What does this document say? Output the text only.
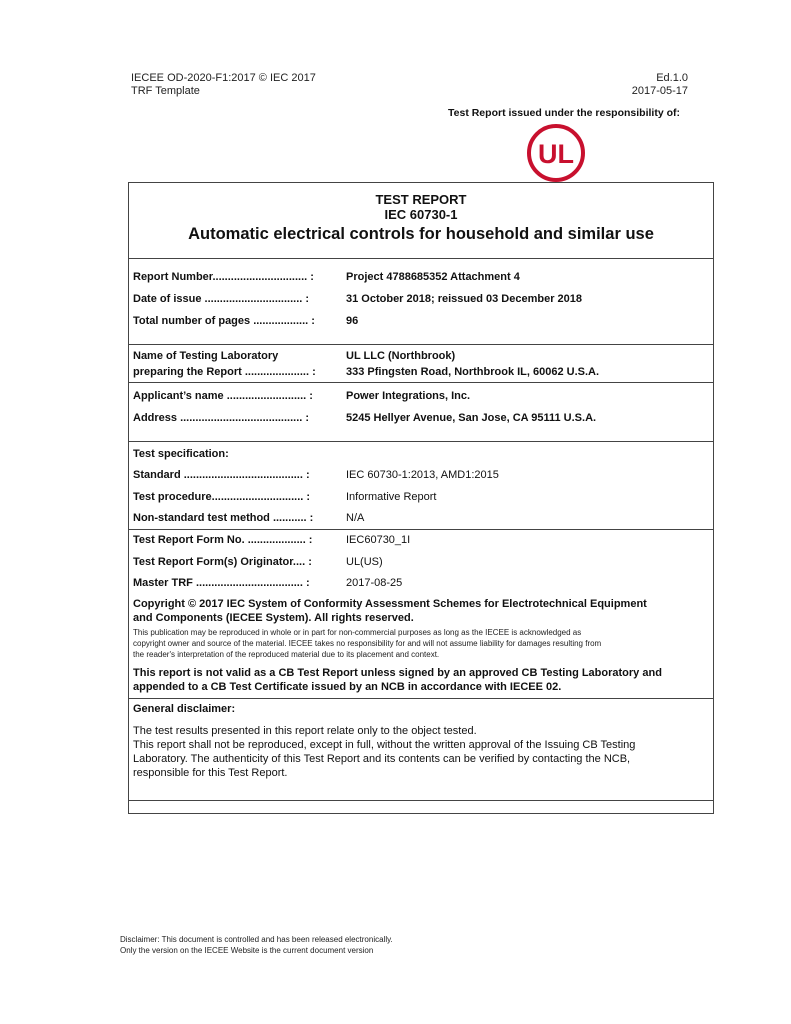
IECEE OD-2020-F1:2017 © IEC 2017
TRF Template
Ed.1.0
2017-05-17
Test Report issued under the responsibility of:
UL
TEST REPORT
IEC 60730-1
Automatic electrical controls for household and similar use
Report Number............................... :	Project 4788685352 Attachment 4
Date of issue ................................ :	31 October 2018; reissued 03 December 2018
Total number of pages .................. :	96
Name of Testing Laboratory	UL LLC (Northbrook)
preparing the Report ..................... :	333 Pfingsten Road, Northbrook IL, 60062 U.S.A.
Applicant’s name .......................... :	Power Integrations, Inc.
Address ........................................ :	5245 Hellyer Avenue, San Jose, CA 95111 U.S.A.
Test specification:
Standard ....................................... :	IEC 60730-1:2013, AMD1:2015
Test procedure.............................. :	Informative Report
Non-standard test method ........... :	N/A
Test Report Form No. ................... :	IEC60730_1I
Test Report Form(s) Originator.... :	UL(US)
Master TRF ................................... :	2017-08-25
Copyright © 2017 IEC System of Conformity Assessment Schemes for Electrotechnical Equipment
and Components (IECEE System). All rights reserved.
This publication may be reproduced in whole or in part for non-commercial purposes as long as the IECEE is acknowledged as
copyright owner and source of the material. IECEE takes no responsibility for and will not assume liability for damages resulting from
the reader's interpretation of the reproduced material due to its placement and context.
This report is not valid as a CB Test Report unless signed by an approved CB Testing Laboratory and
appended to a CB Test Certificate issued by an NCB in accordance with IECEE 02.
General disclaimer:
The test results presented in this report relate only to the object tested.
This report shall not be reproduced, except in full, without the written approval of the Issuing CB Testing
Laboratory. The authenticity of this Test Report and its contents can be verified by contacting the NCB,
responsible for this Test Report.
Disclaimer: This document is controlled and has been released electronically.
Only the version on the IECEE Website is the current document version
